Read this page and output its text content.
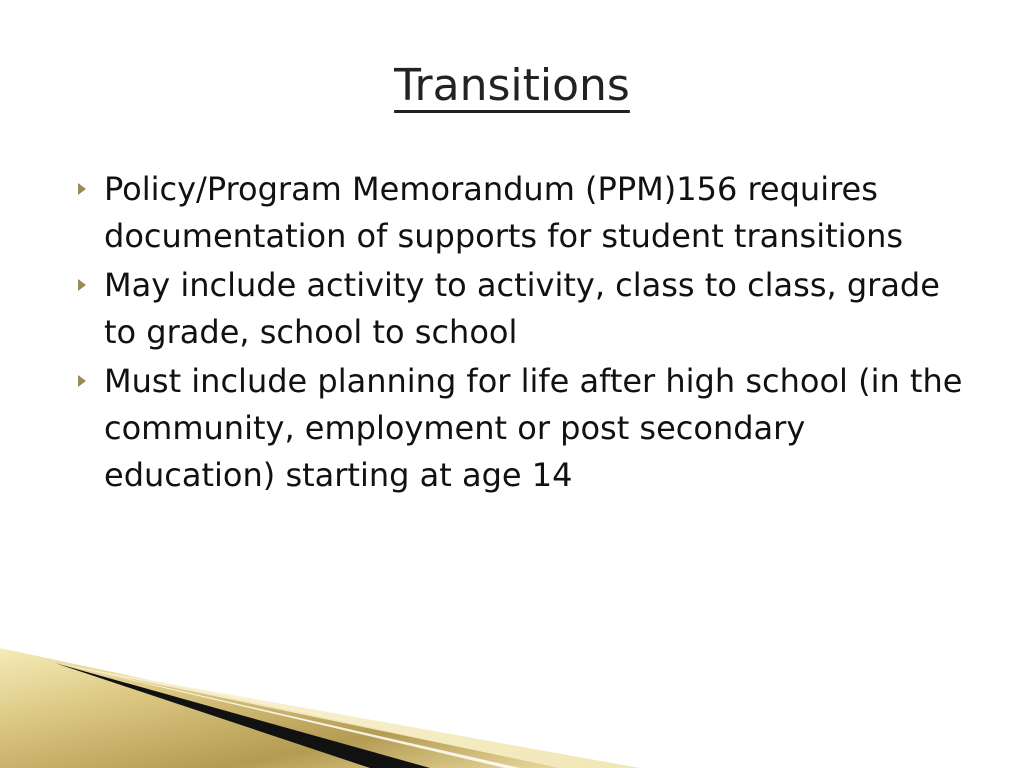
Transitions
Policy/Program Memorandum (PPM)156 requires documentation of supports for student transitions
May include activity to activity, class to class, grade to grade, school to school
Must include planning for life after high school (in the community, employment or post secondary education) starting at age 14
